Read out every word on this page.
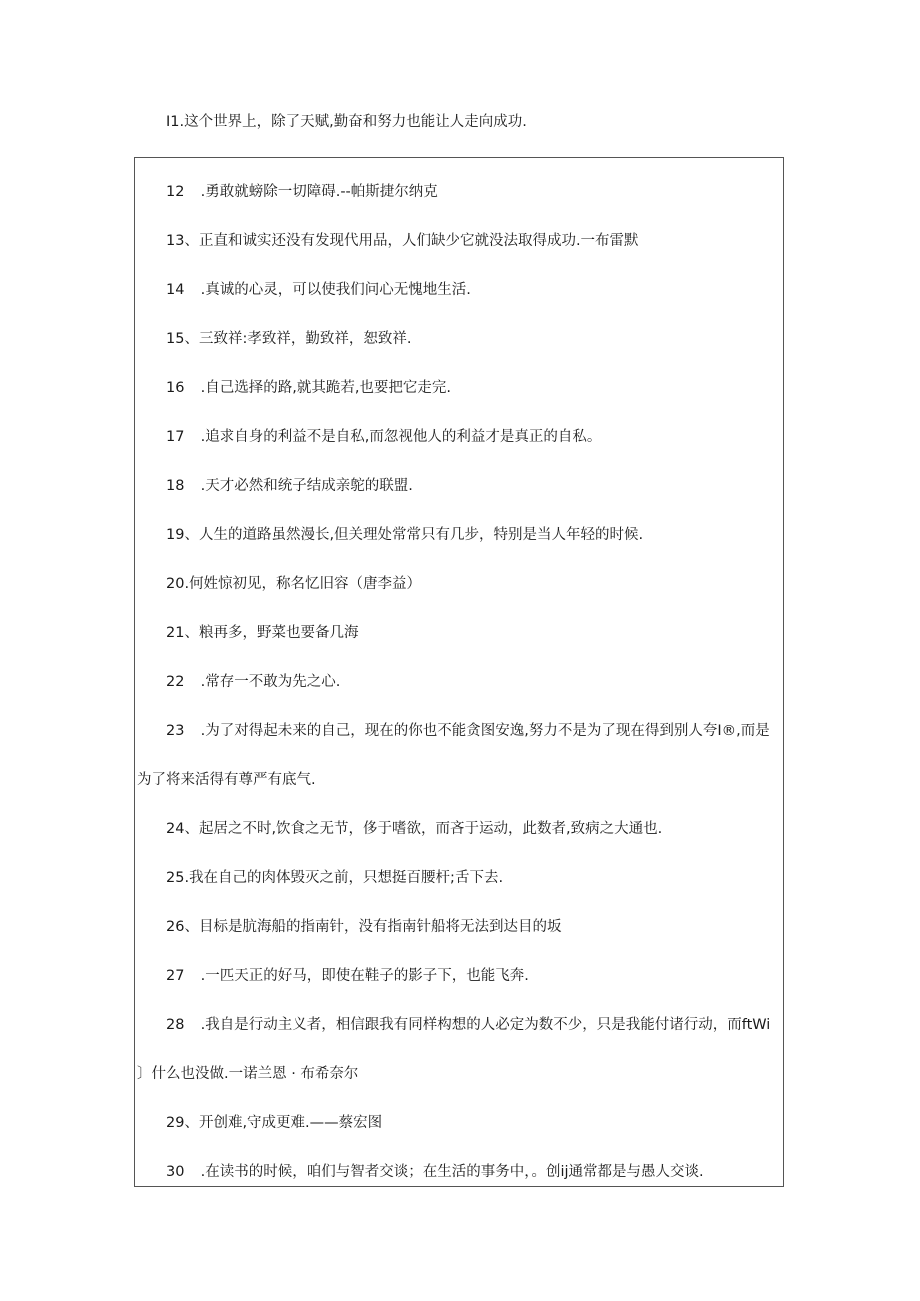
I1.这个世界上，除了天赋,勤奋和努力也能让人走向成功.
12 .勇敢就螃除一切障碍.--帕斯捷尔纳克
13、正直和诚实还没有发现代用品，人们缺少它就没法取得成功.一布雷默
14 .真诚的心灵，可以使我们问心无愧地生活.
15、三致祥:孝致祥，勤致祥，恕致祥.
16 .自己选择的路,就其跪若,也要把它走完.
17 .追求自身的利益不是自私,而忽视他人的利益才是真正的自私。
18 .天才必然和统子结成亲鸵的联盟.
19、人生的道路虽然漫长,但关理处常常只有几步，特别是当人年轻的时候.
20.何姓惊初见，称名忆旧容（唐李益）
21、粮再多，野菜也要备几海
22 .常存一不敢为先之心.
23 .为了对得起未来的自己，现在的你也不能贪图安逸,努力不是为了现在得到别人夸I®,而是
为了将来活得有尊严有底气.
24、起居之不时,饮食之无节，侈于嗜欲，而吝于运动，此数者,致病之大通也.
25.我在自己的肉体毁灭之前，只想挺百腰杆;舌下去.
26、目标是肮海船的指南针，没有指南针船将无法到达目的坂
27 .一匹天正的好马，即使在鞋子的影子下，也能飞奔.
28 .我自是行动主义者，相信跟我有同样构想的人必定为数不少，只是我能付诸行动，而ftWi
〕什么也没做.一诺兰恩 · 布希奈尔
29、开创难,守成更难.——蔡宏图
30 .在读书的时候，咱们与智者交谈；在生活的事务中，。创ij通常都是与愚人交谈.
